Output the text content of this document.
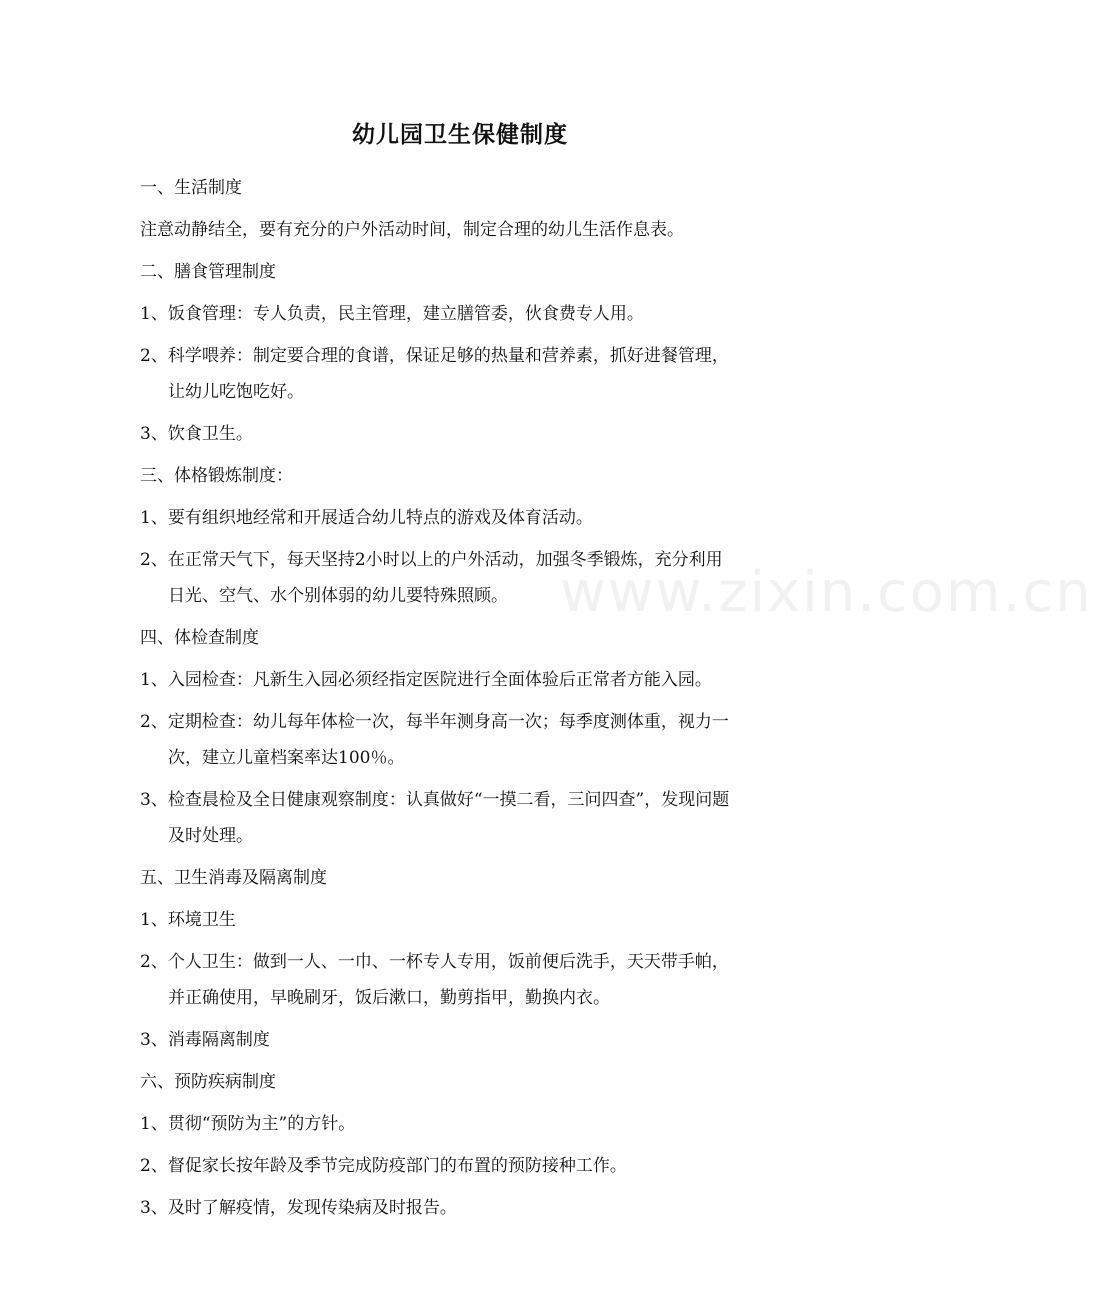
幼儿园卫生保健制度
一、生活制度
注意动静结全，要有充分的户外活动时间，制定合理的幼儿生活作息表。
二、膳食管理制度
1、饭食管理：专人负责，民主管理，建立膳管委，伙食费专人用。
2、科学喂养：制定要合理的食谱，保证足够的热量和营养素，抓好进餐管理，
让幼儿吃饱吃好。
3、饮食卫生。
三、体格锻炼制度：
1、要有组织地经常和开展适合幼儿特点的游戏及体育活动。
2、在正常天气下，每天坚持2小时以上的户外活动，加强冬季锻炼，充分利用
日光、空气、水个别体弱的幼儿要特殊照顾。
四、体检查制度
1、入园检查：凡新生入园必须经指定医院进行全面体验后正常者方能入园。
2、定期检查：幼儿每年体检一次，每半年测身高一次；每季度测体重，视力一
次，建立儿童档案率达100％。
3、检查晨检及全日健康观察制度：认真做好“一摸二看，三问四查”，发现问题
及时处理。
五、卫生消毒及隔离制度
1、环境卫生
2、个人卫生：做到一人、一巾、一杯专人专用，饭前便后洗手，天天带手帕，
并正确使用，早晚刷牙，饭后漱口，勤剪指甲，勤换内衣。
3、消毒隔离制度
六、预防疾病制度
1、贯彻“预防为主”的方针。
2、督促家长按年龄及季节完成防疫部门的布置的预防接种工作。
3、及时了解疫情，发现传染病及时报告。
www.zixin.com.cn
